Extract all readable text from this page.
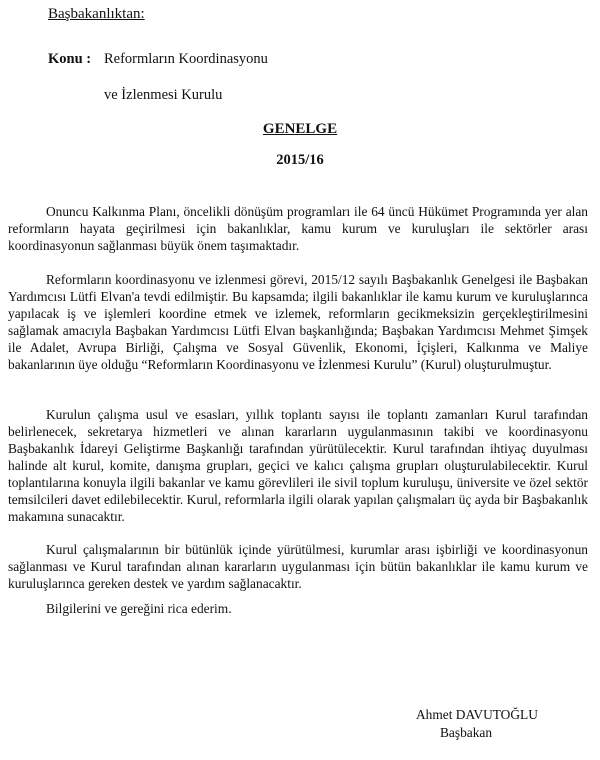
Başbakanlıktan:
Konu : Reformların Koordinasyonu
ve İzlenmesi Kurulu
GENELGE
2015/16

Onuncu Kalkınma Planı, öncelikli dönüşüm programları ile 64 üncü Hükümet Programında yer alan reformların hayata geçirilmesi için bakanlıklar, kamu kurum ve kuruluşları ile sektörler arası koordinasyonun sağlanması büyük önem taşımaktadır.

Reformların koordinasyonu ve izlenmesi görevi, 2015/12 sayılı Başbakanlık Genelgesi ile Başbakan Yardımcısı Lütfi Elvan'a tevdi edilmiştir. Bu kapsamda; ilgili bakanlıklar ile kamu kurum ve kuruluşlarınca yapılacak iş ve işlemleri koordine etmek ve izlemek, reformların gecikmeksizin gerçekleştirilmesini sağlamak amacıyla Başbakan Yardımcısı Lütfi Elvan başkanlığında; Başbakan Yardımcısı Mehmet Şimşek ile Adalet, Avrupa Birliği, Çalışma ve Sosyal Güvenlik, Ekonomi, İçişleri, Kalkınma ve Maliye bakanlarının üye olduğu “Reformların Koordinasyonu ve İzlenmesi Kurulu” (Kurul) oluşturulmuştur.

Kurulun çalışma usul ve esasları, yıllık toplantı sayısı ile toplantı zamanları Kurul tarafından belirlenecek, sekretarya hizmetleri ve alınan kararların uygulanmasının takibi ve koordinasyonu Başbakanlık İdareyi Geliştirme Başkanlığı tarafından yürütülecektir. Kurul tarafından ihtiyaç duyulması halinde alt kurul, komite, danışma grupları, geçici ve kalıcı çalışma grupları oluşturulabilecektir. Kurul toplantılarına konuyla ilgili bakanlar ve kamu görevlileri ile sivil toplum kuruluşu, üniversite ve özel sektör temsilcileri davet edilebilecektir. Kurul, reformlarla ilgili olarak yapılan çalışmaları üç ayda bir Başbakanlık makamına sunacaktır.

Kurul çalışmalarının bir bütünlük içinde yürütülmesi, kurumlar arası işbirliği ve koordinasyonun sağlanması ve Kurul tarafından alınan kararların uygulanması için bütün bakanlıklar ile kamu kurum ve kuruluşlarınca gereken destek ve yardım sağlanacaktır.

Bilgilerini ve gereğini rica ederim.

Ahmet DAVUTOĞLU
Başbakan
